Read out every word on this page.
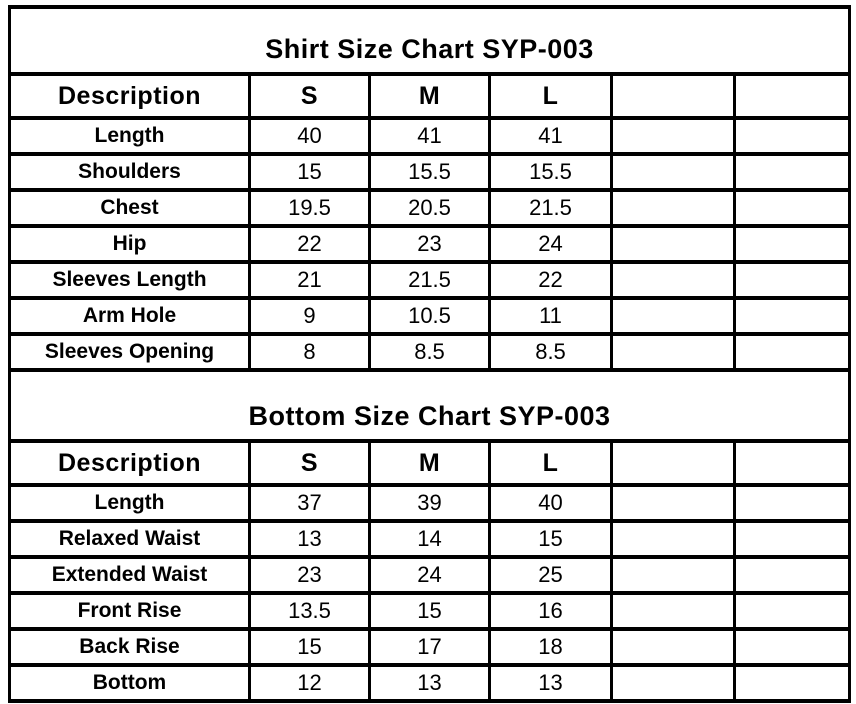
Shirt Size Chart SYP-003					
Description	S	M	L		
Length	40	41	41		
Shoulders	15	15.5	15.5		
Chest	19.5	20.5	21.5		
Hip	22	23	24		
Sleeves Length	21	21.5	22		
Arm Hole	9	10.5	11		
Sleeves Opening	8	8.5	8.5		
Bottom Size Chart SYP-003					
Description	S	M	L		
Length	37	39	40		
Relaxed Waist	13	14	15		
Extended Waist	23	24	25		
Front Rise	13.5	15	16		
Back Rise	15	17	18		
Bottom	12	13	13		
